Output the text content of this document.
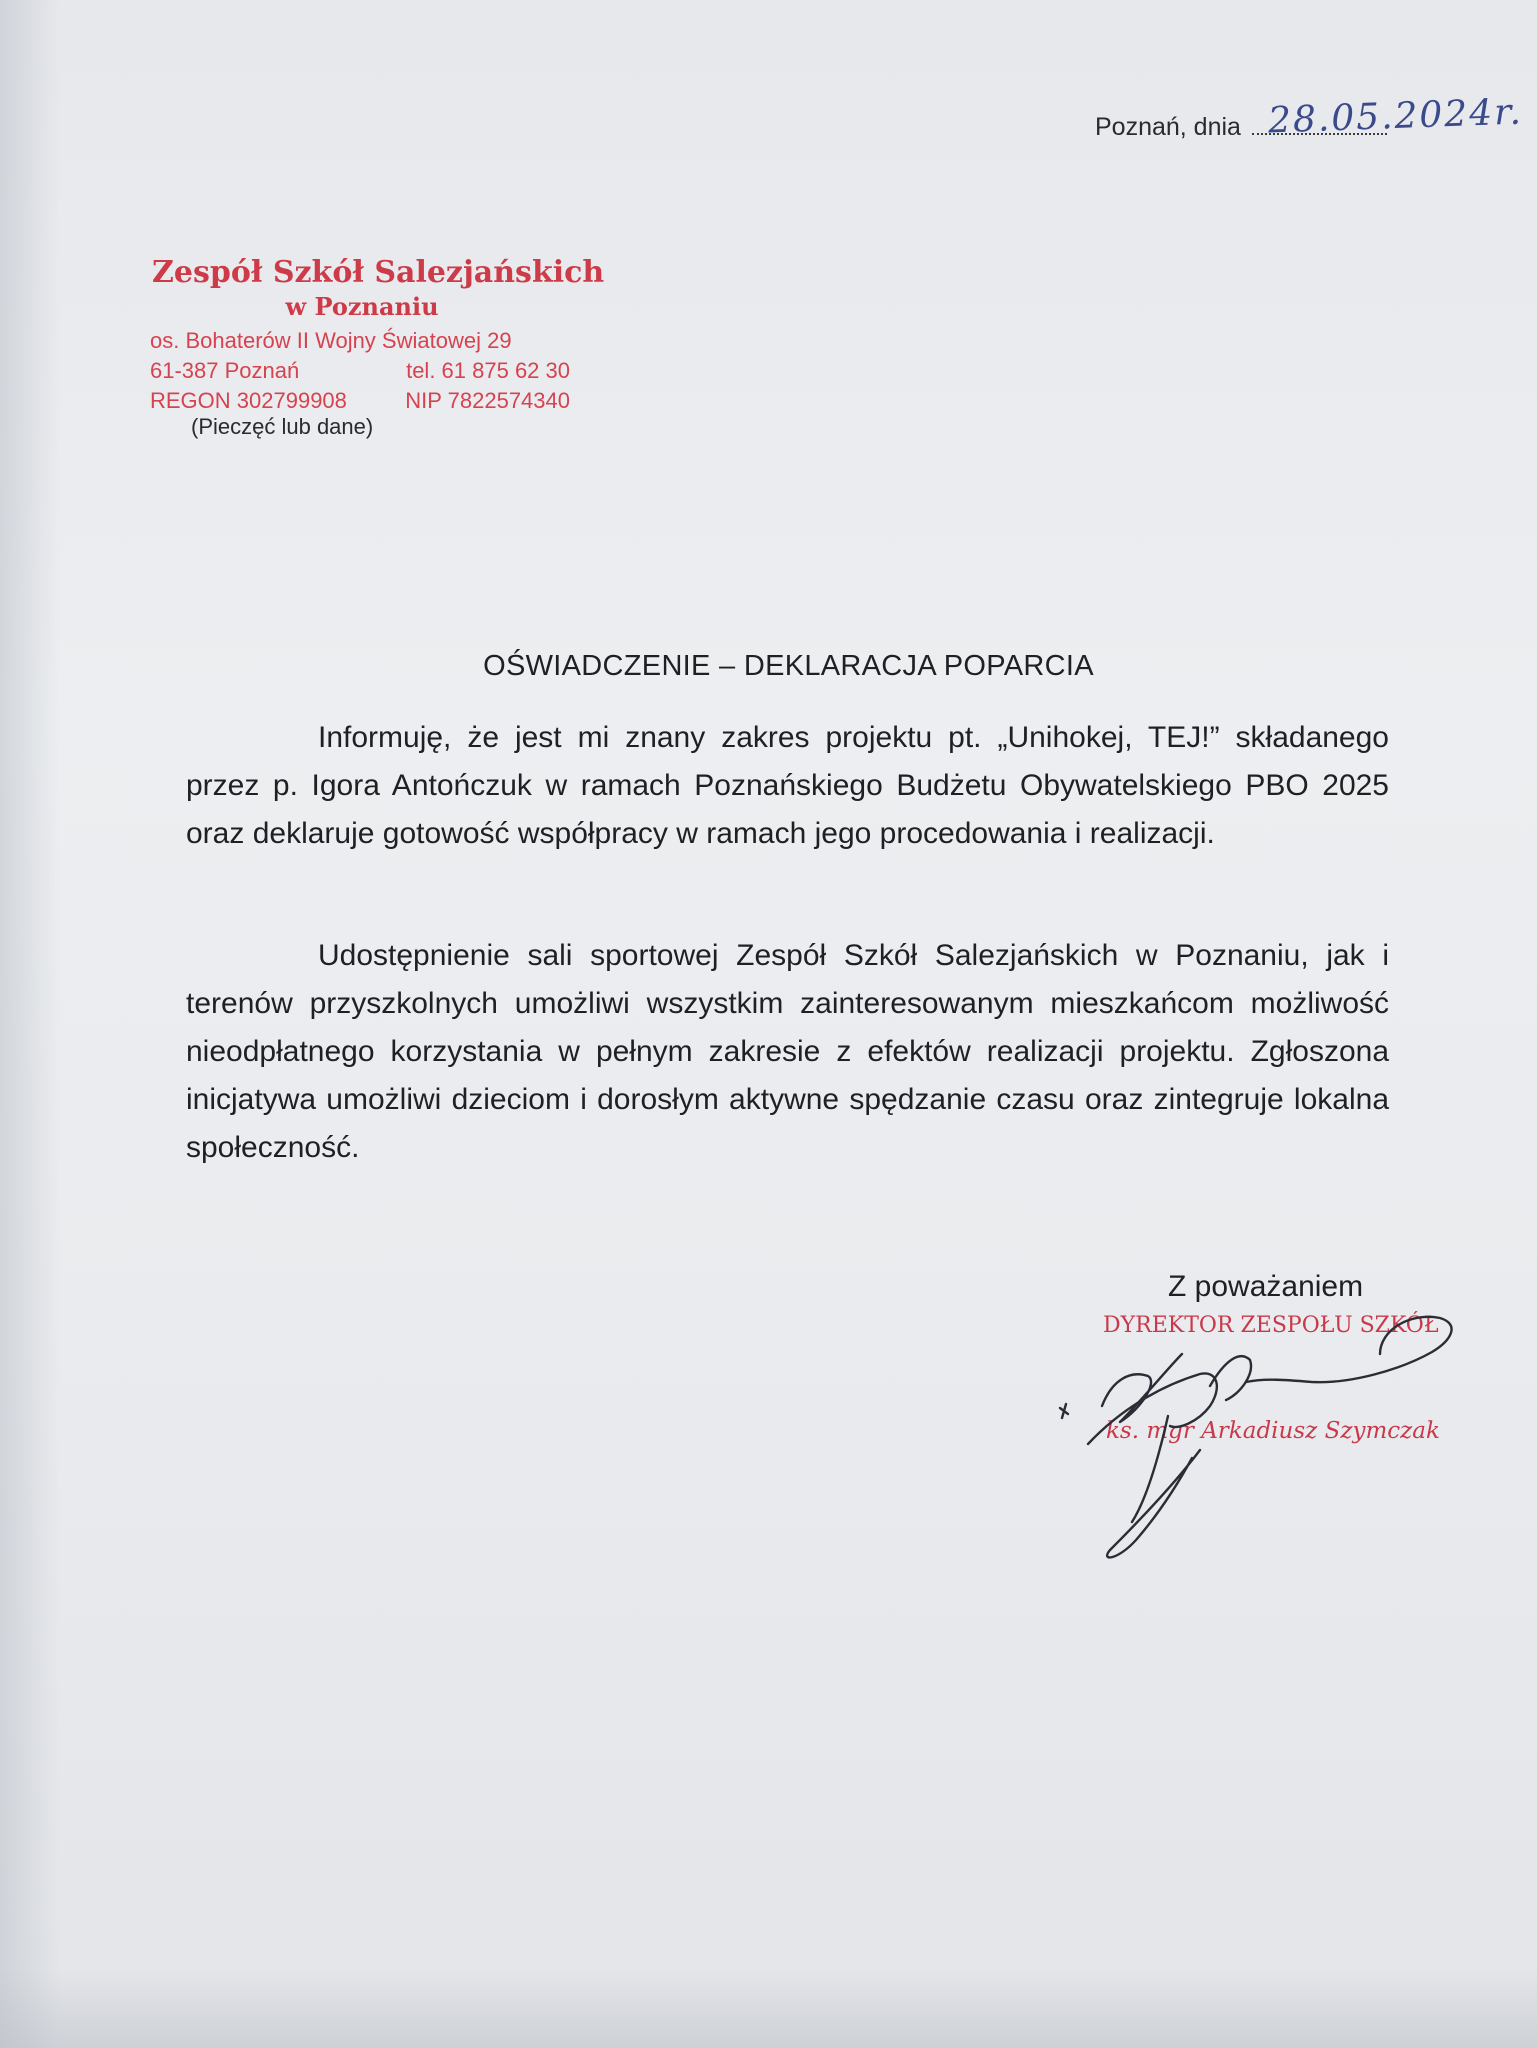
Poznań, dnia 28.05.2024r.
Zespół Szkół Salezjańskich
w Poznaniu
os. Bohaterów II Wojny Światowej 29
61-387 Poznań	tel. 61 875 62 30
REGON 302799908	NIP 7822574340
(Pieczęć lub dane)
OŚWIADCZENIE – DEKLARACJA POPARCIA

Informuję, że jest mi znany zakres projektu pt. „Unihokej, TEJ!” składanego przez p. Igora Antończuk w ramach Poznańskiego Budżetu Obywatelskiego PBO 2025 oraz deklaruje gotowość współpracy w ramach jego procedowania i realizacji.

Udostępnienie sali sportowej Zespół Szkół Salezjańskich w Poznaniu, jak i terenów przyszkolnych umożliwi wszystkim zainteresowanym mieszkańcom możliwość nieodpłatnego korzystania w pełnym zakresie z efektów realizacji projektu. Zgłoszona inicjatywa umożliwi dzieciom i dorosłym aktywne spędzanie czasu oraz zintegruje lokalna społeczność.

Z poważaniem
DYREKTOR ZESPOŁU SZKÓŁ
ks. mgr Arkadiusz Szymczak
